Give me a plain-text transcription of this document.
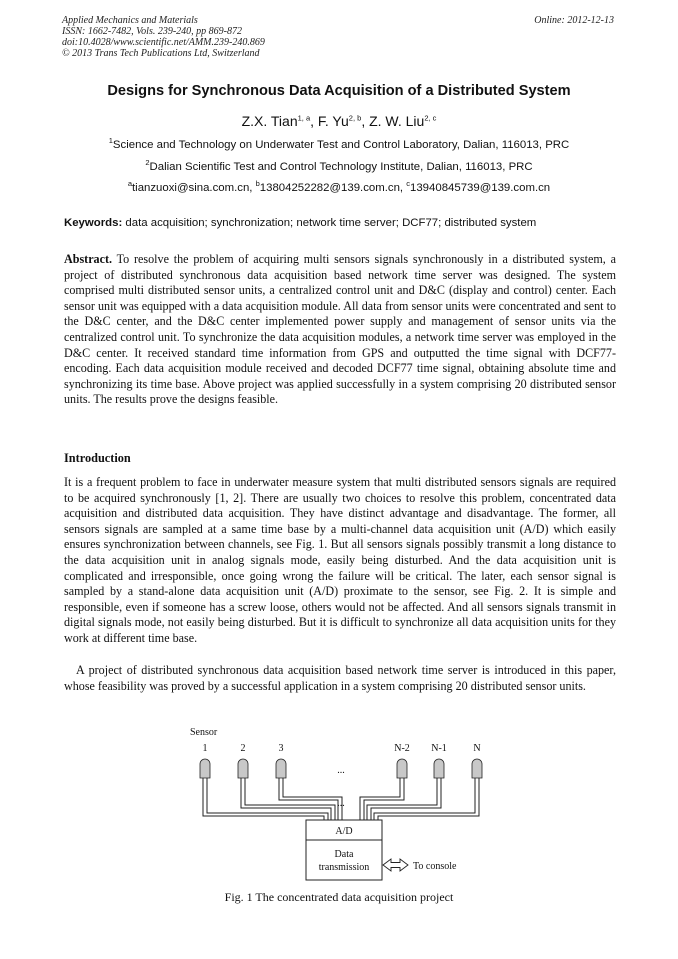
Applied Mechanics and Materials
ISSN: 1662-7482, Vols. 239-240, pp 869-872
doi:10.4028/www.scientific.net/AMM.239-240.869
© 2013 Trans Tech Publications Ltd, Switzerland
Online: 2012-12-13
Designs for Synchronous Data Acquisition of a Distributed System
Z.X. Tian$^{1, a}$, F. Yu$^{2, b}$, Z. W. Liu$^{2, c}$
$^1$Science and Technology on Underwater Test and Control Laboratory, Dalian, 116013, PRC
$^2$Dalian Scientific Test and Control Technology Institute, Dalian, 116013, PRC
$^a$tianzuoxi@sina.com.cn, $^b$13804252282@139.com.cn, $^c$13940845739@139.com.cn
Keywords: data acquisition; synchronization; network time server; DCF77; distributed system

Abstract. To resolve the problem of acquiring multi sensors signals synchronously in a distributed system, a project of distributed synchronous data acquisition based network time server was designed. The system comprised multi distributed sensor units, a centralized control unit and D&C (display and control) center. Each sensor unit was equipped with a data acquisition module. All data from sensor units were concentrated and sent to the D&C center, and the D&C center implemented power supply and management of sensor units via the centralized control unit. To synchronize the data acquisition modules, a network time server was employed in the D&C center. It received standard time information from GPS and outputted the time signal with DCF77-encoding. Each data acquisition module received and decoded DCF77 time signal, obtaining absolute time and synchronizing its time base. Above project was applied successfully in a system comprising 20 distributed sensor units. The results prove the designs feasible.

Introduction

It is a frequent problem to face in underwater measure system that multi distributed sensors signals are required to be acquired synchronously [1, 2]. There are usually two choices to resolve this problem, concentrated data acquisition and distributed data acquisition. They have distinct advantage and disadvantage. The former, all sensors signals are sampled at a same time base by a multi-channel data acquisition unit (A/D) which easily ensures synchronization between channels, see Fig. 1. But all sensors signals possibly transmit a long distance to the data acquisition unit in analog signals mode, easily being disturbed. And the data acquisition unit is complicated and irresponsible, once going wrong the failure will be critical. The later, each sensor signal is sampled by a stand-alone data acquisition unit (A/D) proximate to the sensor, see Fig. 2. It is simple and responsible, even if someone has a screw loose, others would not be affected. And all sensors signals transmit in digital signals mode, not easily being disturbed. But it is difficult to synchronize all data acquisition units for they work at different time base.

A project of distributed synchronous data acquisition based network time server is introduced in this paper, whose feasibility was proved by a successful application in a system comprising 20 distributed sensor units.

Sensor
1	2	3	N-2 N-1	N
...
...
A/D
Data
transmission	To console
Fig. 1 The concentrated data acquisition project
